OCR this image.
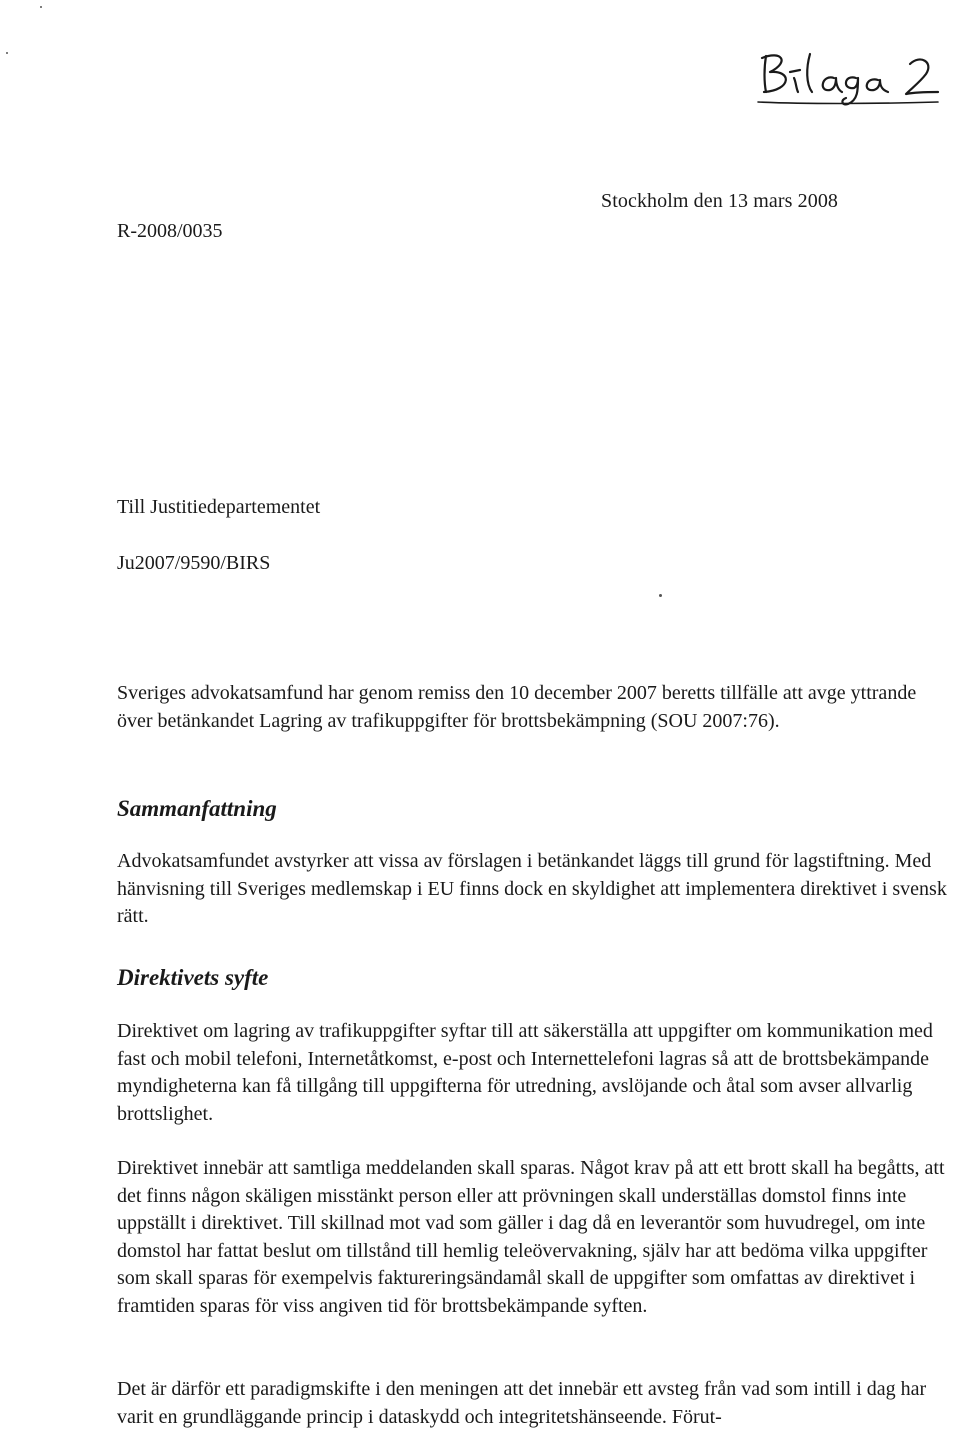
Stockholm den 13 mars 2008
R-2008/0035
Till Justitiedepartementet
Ju2007/9590/BIRS

Sveriges advokatsamfund har genom remiss den 10 december 2007 beretts tillfälle att avge yttrande över betänkandet Lagring av trafikuppgifter för brottsbekämpning (SOU 2007:76).

Sammanfattning

Advokatsamfundet avstyrker att vissa av förslagen i betänkandet läggs till grund för lagstiftning. Med hänvisning till Sveriges medlemskap i EU finns dock en skyldighet att implementera direktivet i svensk rätt.

Direktivets syfte

Direktivet om lagring av trafikuppgifter syftar till att säkerställa att uppgifter om kommunikation med fast och mobil telefoni, Internetåtkomst, e-post och Internettelefoni lagras så att de brottsbekämpande myndigheterna kan få tillgång till uppgifterna för utredning, avslöjande och åtal som avser allvarlig brottslighet.

Direktivet innebär att samtliga meddelanden skall sparas. Något krav på att ett brott skall ha begåtts, att det finns någon skäligen misstänkt person eller att prövningen skall underställas domstol finns inte uppställt i direktivet. Till skillnad mot vad som gäller i dag då en leverantör som huvudregel, om inte domstol har fattat beslut om tillstånd till hemlig teleövervakning, själv har att bedöma vilka uppgifter som skall sparas för exempelvis faktureringsändamål skall de uppgifter som omfattas av direktivet i framtiden sparas för viss angiven tid för brottsbekämpande syften.

Det är därför ett paradigmskifte i den meningen att det innebär ett avsteg från vad som intill i dag har varit en grundläggande princip i dataskydd och integritetshänseende. Förut-
